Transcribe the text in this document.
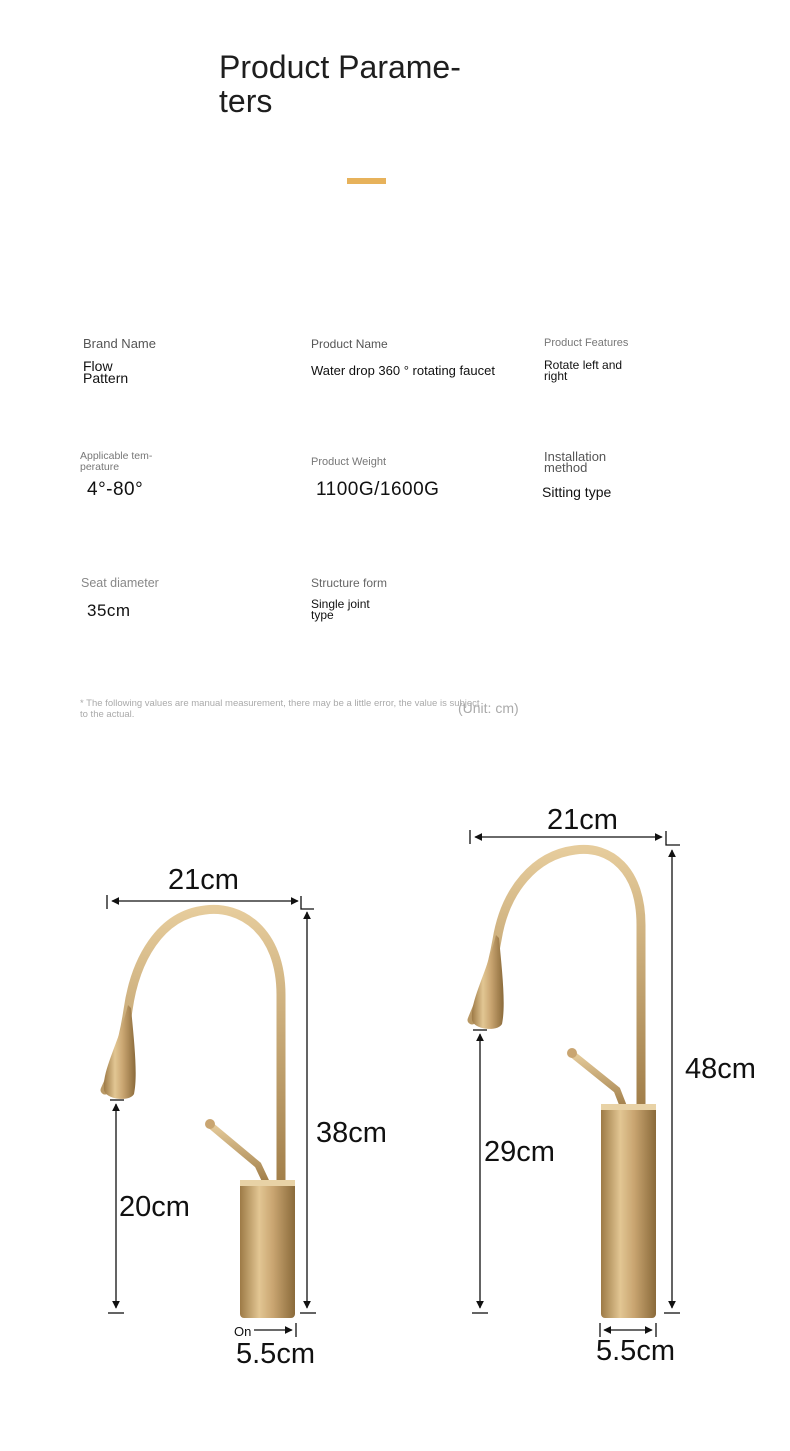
Product Parame-
ters
Brand Name
Flow
Pattern
Product Name
Water drop 360 ° rotating faucet
Product Features
Rotate left and
right
Applicable tem-
perature
4°-80°
Product Weight
1100G/1600G
Installation
method
Sitting type
Seat diameter
35cm
Structure form
Single joint
type
* The following values are manual measurement, there may be a little error, the value is subject
to the actual.	(Unit: cm)
21cm
38cm
20cm
On
5.5cm
21cm
48cm
29cm
5.5cm
